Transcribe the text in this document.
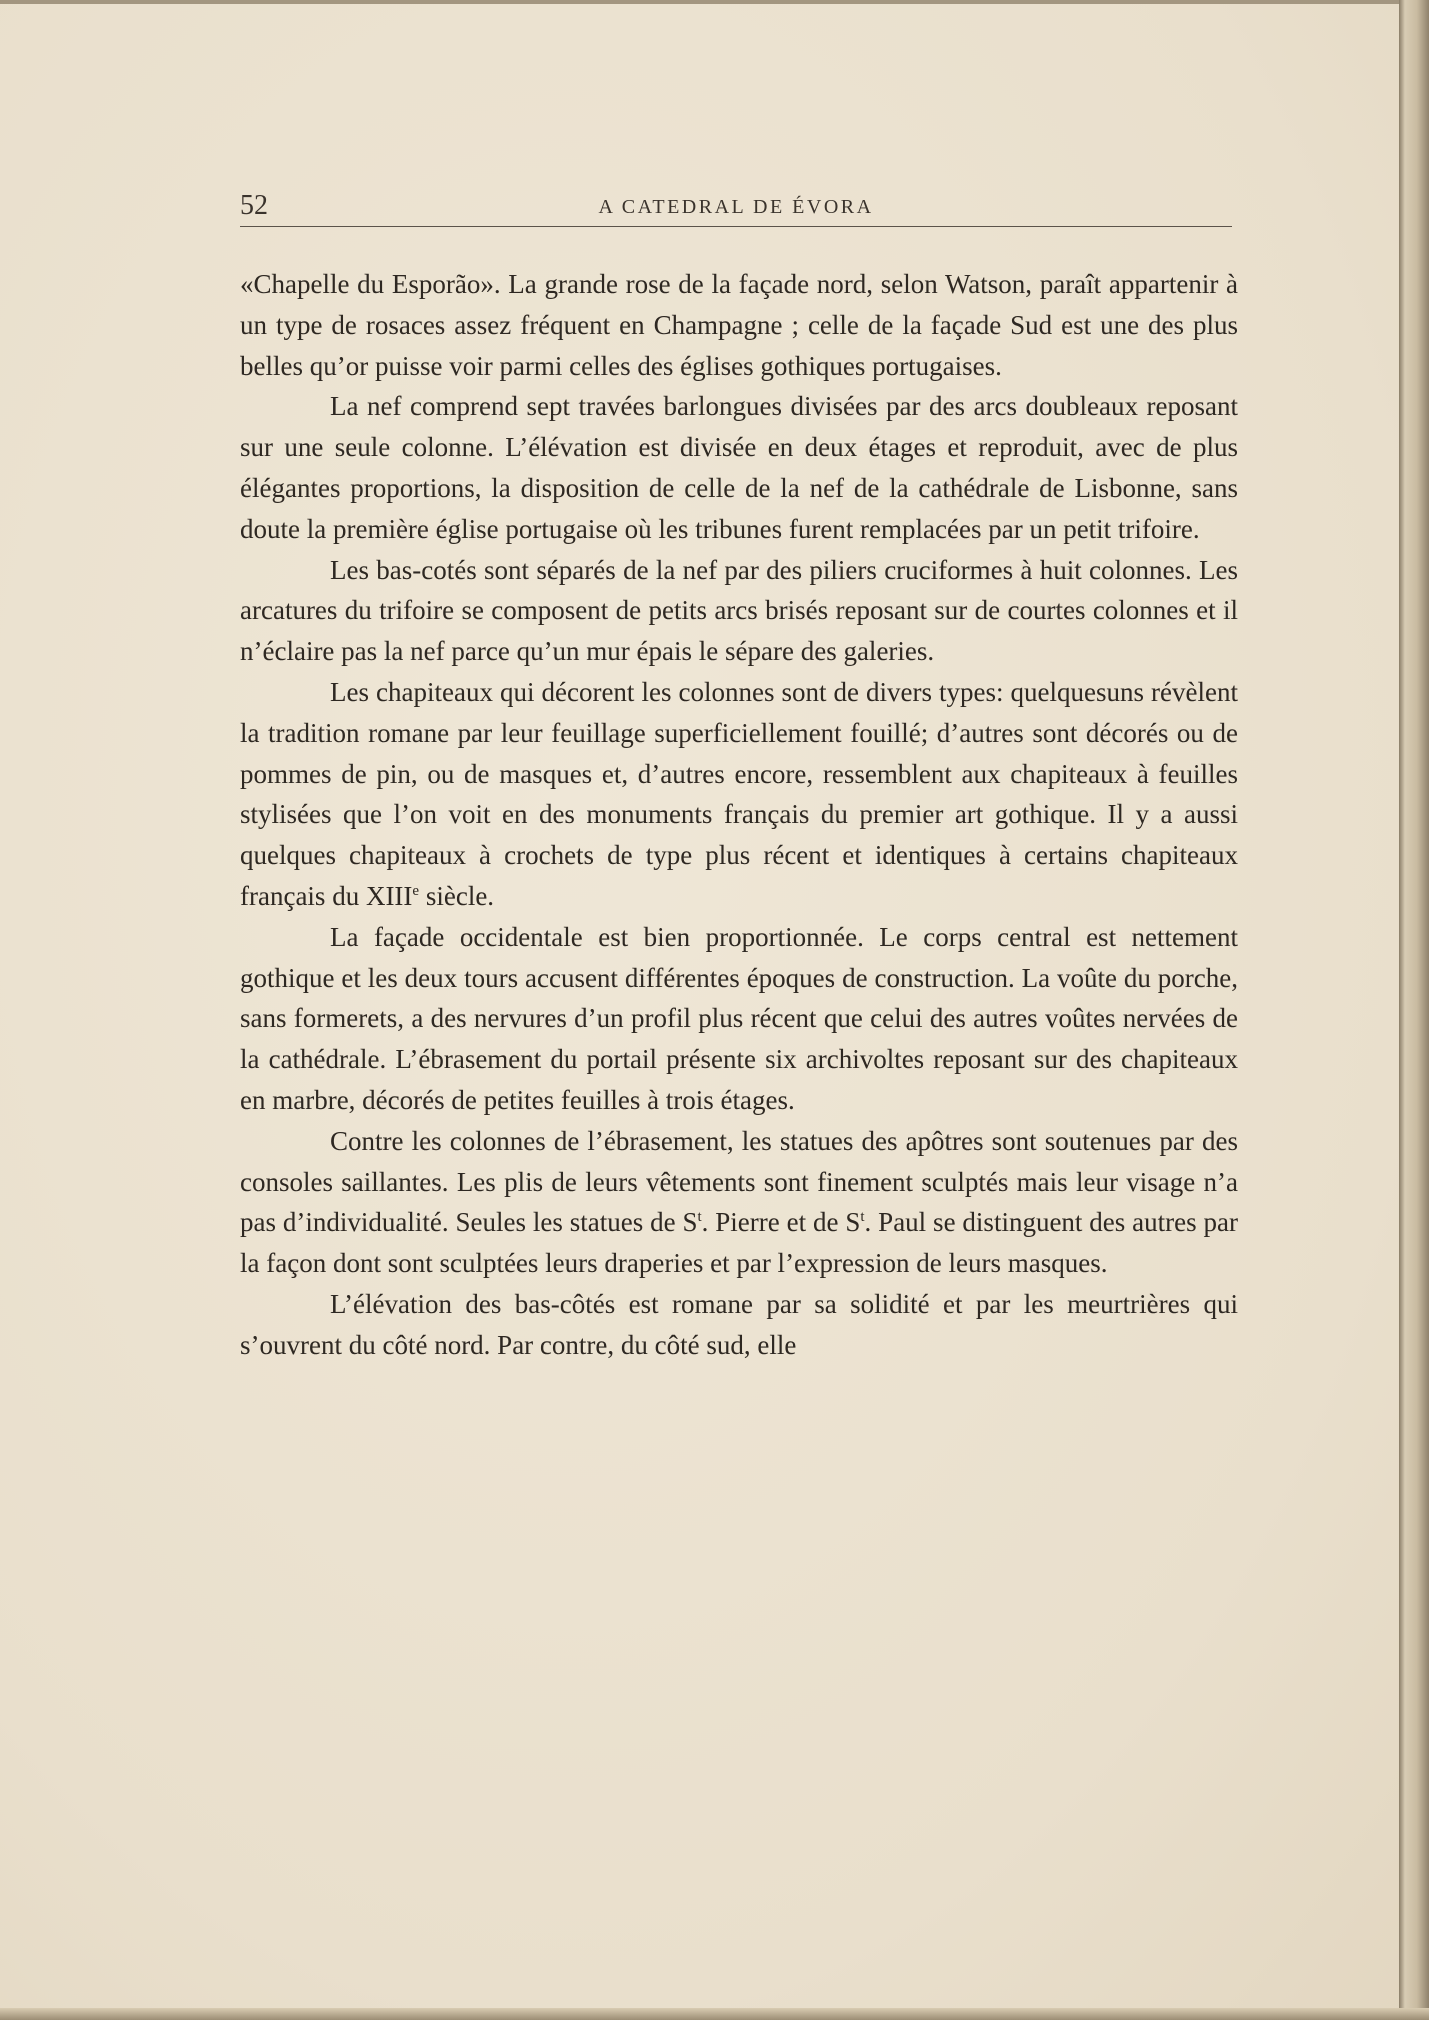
52	A CATEDRAL DE ÉVORA

«Chapelle du Esporão». La grande rose de la façade nord, selon Watson, paraît appartenir à un type de rosaces assez fréquent en Champagne ; celle de la façade Sud est une des plus belles qu’or puisse voir parmi celles des églises gothiques portugaises.

La nef comprend sept travées barlongues divisées par des arcs doubleaux reposant sur une seule colonne. L’élévation est divisée en deux étages et reproduit, avec de plus élégantes proportions, la disposition de celle de la nef de la cathédrale de Lisbonne, sans doute la première église portugaise où les tribunes furent remplacées par un petit trifoire.

Les bas-cotés sont séparés de la nef par des piliers cruciformes à huit colonnes. Les arcatures du trifoire se composent de petits arcs brisés reposant sur de courtes colonnes et il n’éclaire pas la nef parce qu’un mur épais le sépare des galeries.

Les chapiteaux qui décorent les colonnes sont de divers types: quelquesuns révèlent la tradition romane par leur feuillage superficiellement fouillé; d’autres sont décorés ou de pommes de pin, ou de masques et, d’autres encore, ressemblent aux chapiteaux à feuilles stylisées que l’on voit en des monuments français du premier art gothique. Il y a aussi quelques chapiteaux à crochets de type plus récent et identiques à certains chapiteaux français du XIIIe siècle.

La façade occidentale est bien proportionnée. Le corps central est nettement gothique et les deux tours accusent différentes époques de construction. La voûte du porche, sans formerets, a des nervures d’un profil plus récent que celui des autres voûtes nervées de la cathédrale. L’ébrasement du portail présente six archivoltes reposant sur des chapiteaux en marbre, décorés de petites feuilles à trois étages.

Contre les colonnes de l’ébrasement, les statues des apôtres sont soutenues par des consoles saillantes. Les plis de leurs vêtements sont finement sculptés mais leur visage n’a pas d’individualité. Seules les statues de $S^t$. Pierre et de $S^t$. Paul se distinguent des autres par la façon dont sont sculptées leurs draperies et par l’expression de leurs masques.

L’élévation des bas-côtés est romane par sa solidité et par les meurtrières qui s’ouvrent du côté nord. Par contre, du côté sud, elle
